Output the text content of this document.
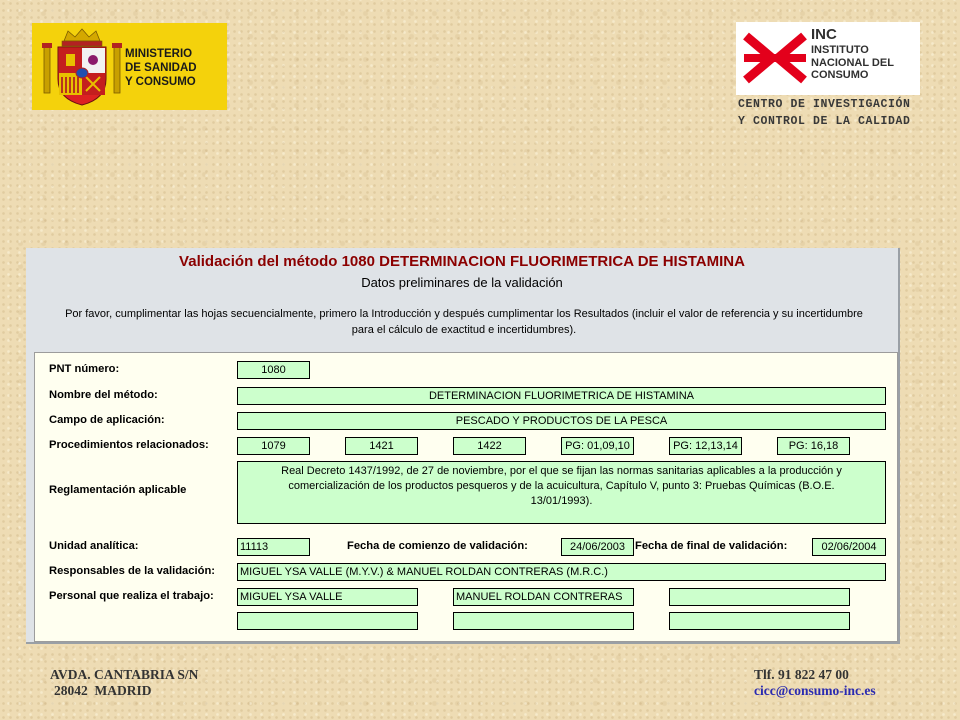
MINISTERIO
DE SANIDAD
Y CONSUMO
INC
INSTITUTO
NACIONAL DEL
CONSUMO
CENTRO DE INVESTIGACIÓN
Y CONTROL DE LA CALIDAD
Validación del método 1080 DETERMINACION FLUORIMETRICA DE HISTAMINA
Datos preliminares de la validación
Por favor, cumplimentar las hojas secuencialmente, primero la Introducción y después cumplimentar los Resultados (incluir el valor de referencia y su incertidumbre
para el cálculo de exactitud e incertidumbres).
PNT número:	1080
Nombre del método:	DETERMINACION FLUORIMETRICA DE HISTAMINA
Campo de aplicación:	PESCADO Y PRODUCTOS DE LA PESCA
Procedimientos relacionados:	1079	1421	1422	PG: 01,09,10	PG: 12,13,14	PG: 16,18
Reglamentación aplicable
Real Decreto 1437/1992, de 27 de noviembre, por el que se fijan las normas sanitarias aplicables a la producción y comercialización de los productos pesqueros y de la acuicultura, Capítulo V, punto 3: Pruebas Químicas (B.O.E. 13/01/1993).
Unidad analítica:	11113	Fecha de comienzo de validación:	24/06/2003 Fecha de final de validación:	02/06/2004
Responsables de la validación: MIGUEL YSA VALLE (M.Y.V.) & MANUEL ROLDAN CONTRERAS (M.R.C.)
Personal que realiza el trabajo: MIGUEL YSA VALLE	MANUEL ROLDAN CONTRERAS
AVDA. CANTABRIA S/N
28042  MADRID
Tlf. 91 822 47 00
cicc@consumo-inc.es
